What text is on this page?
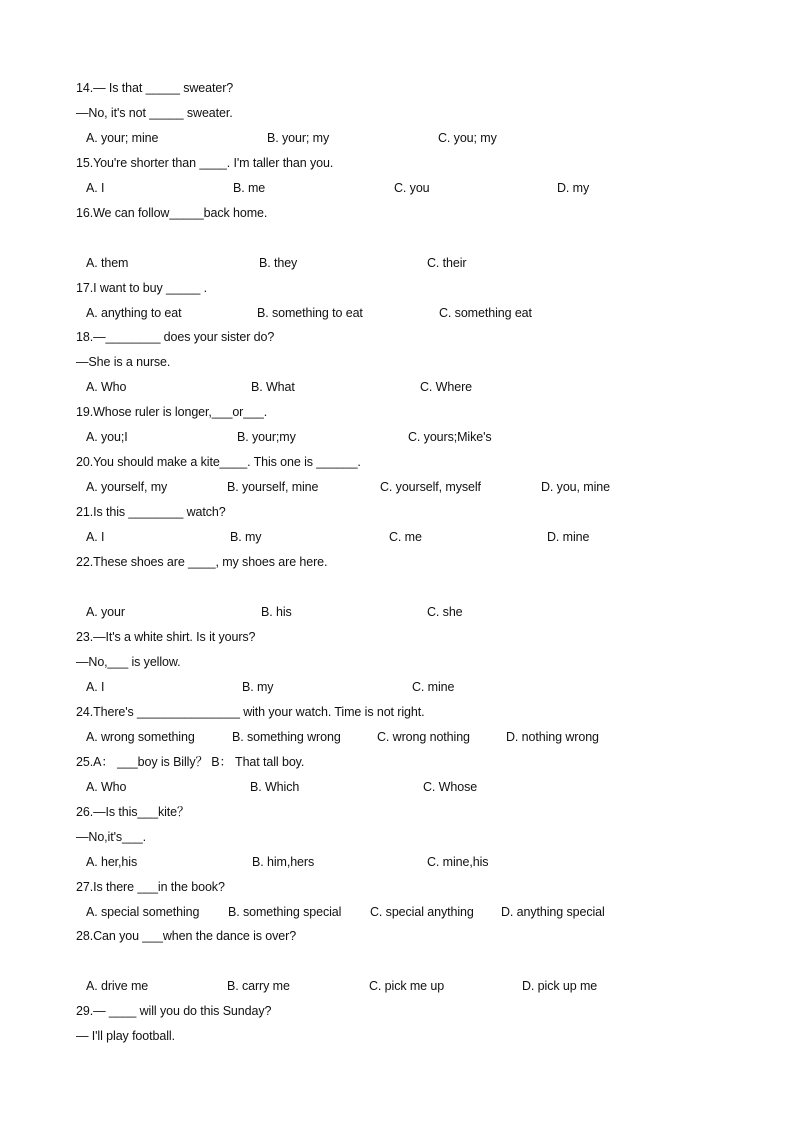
14.— Is that _____ sweater?
—No, it's not _____ sweater.
A. your; mine	B. your; my	C. you; my
15.You're shorter than ____. I'm taller than you.
A. I	B. me	C. you	D. my
16.We can follow_____back home.
A. them	B. they	C. their
17.I want to buy _____ .
A. anything to eat	B. something to eat	C. something eat
18.—________ does your sister do?
—She is a nurse.
A. Who	B. What	C. Where
19.Whose ruler is longer,___or___.
A. you;I	B. your;my	C. yours;Mike's
20.You should make a kite____. This one is ______.
A. yourself, my	B. yourself, mine	C. yourself, myself	D. you, mine
21.Is this ________ watch?
A. I	B. my	C. me	D. mine
22.These shoes are ____, my shoes are here.
A. your	B. his	C. she
23.—It's a white shirt. Is it yours?
—No,___ is yellow.
A. I	B. my	C. mine
24.There's _______________ with your watch. Time is not right.
A. wrong something	B. something wrong	C. wrong nothing	D. nothing wrong
25.A： ___boy is Billy？ B： That tall boy.
A. Who	B. Which	C. Whose
26.—Is this___kite？
—No,it's___.
A. her,his	B. him,hers	C. mine,his
27.Is there ___in the book?
A. special something B. something special C. special anything D. anything special
28.Can you ___when the dance is over?
A. drive me	B. carry me	C. pick me up	D. pick up me
29.— ____ will you do this Sunday?
— I'll play football.
